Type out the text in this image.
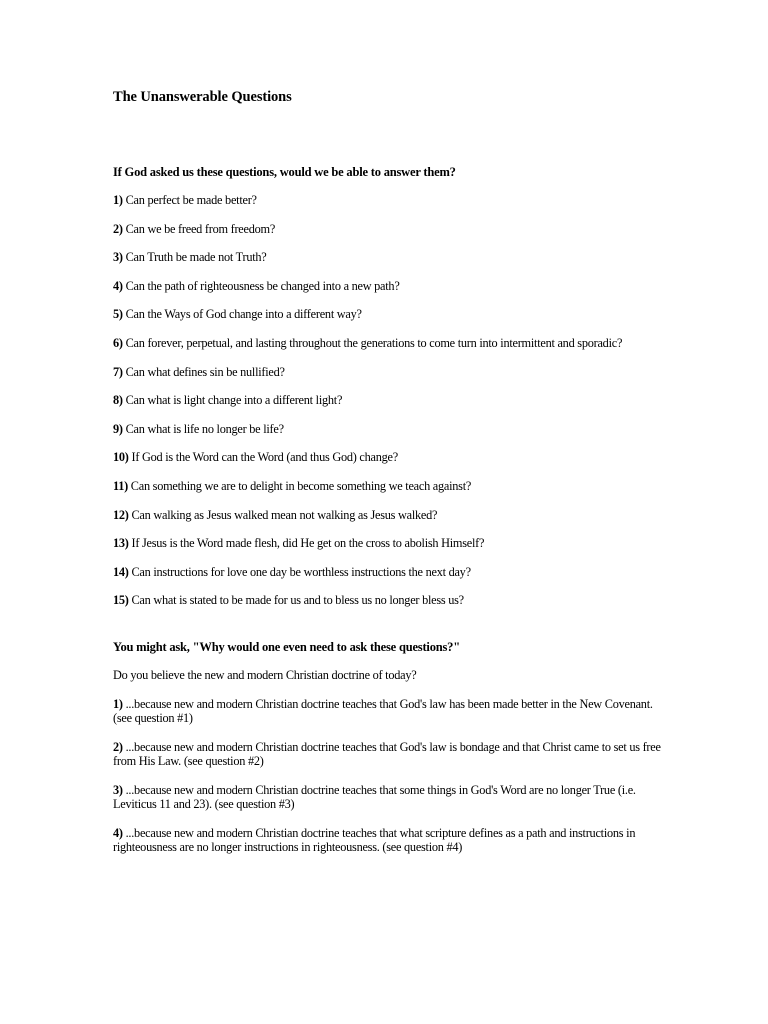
The Unanswerable Questions
If God asked us these questions, would we be able to answer them?

1) Can perfect be made better?

2) Can we be freed from freedom?

3) Can Truth be made not Truth?

4) Can the path of righteousness be changed into a new path?

5) Can the Ways of God change into a different way?

6) Can forever, perpetual, and lasting throughout the generations to come turn into intermittent and sporadic?

7) Can what defines sin be nullified?

8) Can what is light change into a different light?

9) Can what is life no longer be life?

10) If God is the Word can the Word (and thus God) change?

11) Can something we are to delight in become something we teach against?

12) Can walking as Jesus walked mean not walking as Jesus walked?

13) If Jesus is the Word made flesh, did He get on the cross to abolish Himself?

14) Can instructions for love one day be worthless instructions the next day?

15) Can what is stated to be made for us and to bless us no longer bless us?

You might ask, "Why would one even need to ask these questions?"

Do you believe the new and modern Christian doctrine of today?

1) ...because new and modern Christian doctrine teaches that God's law has been made better in the New Covenant. (see question #1)

2) ...because new and modern Christian doctrine teaches that God's law is bondage and that Christ came to set us free from His Law. (see question #2)

3) ...because new and modern Christian doctrine teaches that some things in God's Word are no longer True (i.e. Leviticus 11 and 23). (see question #3)

4) ...because new and modern Christian doctrine teaches that what scripture defines as a path and instructions in righteousness are no longer instructions in righteousness. (see question #4)
